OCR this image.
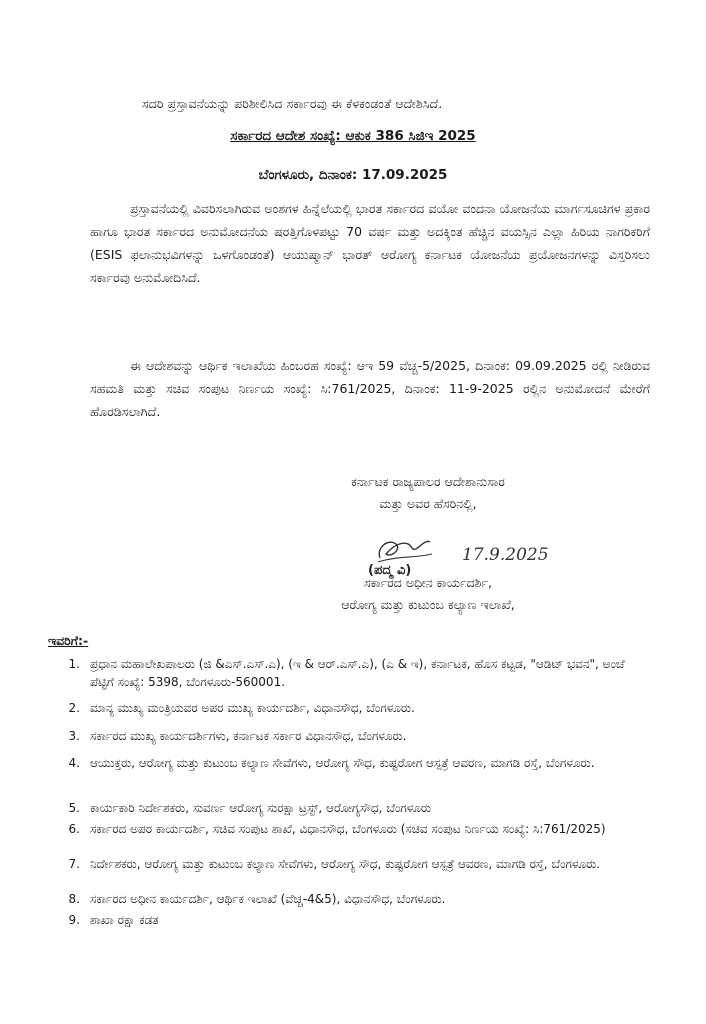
ಸದರಿ ಪ್ರಸ್ತಾವನೆಯನ್ನು ಪರಿಶೀಲಿಸಿದ ಸರ್ಕಾರವು ಈ ಕೆಳಕಂಡಂತೆ ಆದೇಶಿಸಿದೆ.
ಸರ್ಕಾರದ ಆದೇಶ ಸಂಖ್ಯೆ: ಆಕುಕ 386 ಸಿಜಿಇ 2025
ಬೆಂಗಳೂರು, ದಿನಾಂಕ: 17.09.2025
ಪ್ರಸ್ತಾವನೆಯಲ್ಲಿ ವಿವರಿಸಲಾಗಿರುವ ಅಂಶಗಳ ಹಿನ್ನೆಲೆಯಲ್ಲಿ ಭಾರತ ಸರ್ಕಾರದ ವಯೋ ವಂದನಾ ಯೋಜನೆಯ ಮಾರ್ಗಸೂಚಿಗಳ ಪ್ರಕಾರ ಹಾಗೂ ಭಾರತ ಸರ್ಕಾರದ ಅನುಮೋದನೆಯ ಷರತ್ತಿಗೊಳಪಟ್ಟು 70 ವರ್ಷ ಮತ್ತು ಅದಕ್ಕಿಂತ ಹೆಚ್ಚಿನ ವಯಸ್ಸಿನ ಎಲ್ಲಾ ಹಿರಿಯ ನಾಗರಿಕರಿಗೆ (ESIS ಫಲಾನುಭವಿಗಳನ್ನು ಒಳಗೊಂಡಂತೆ) ಆಯುಷ್ಮಾನ್ ಭಾರತ್ ಆರೋಗ್ಯ ಕರ್ನಾಟಕ ಯೋಜನೆಯ ಪ್ರಯೋಜನಗಳನ್ನು ವಿಸ್ತರಿಸಲು ಸರ್ಕಾರವು ಅನುಮೋದಿಸಿದೆ.
ಈ ಆದೇಶವನ್ನು ಆರ್ಥಿಕ ಇಲಾಖೆಯ ಹಿಂಬರಹ ಸಂಖ್ಯೆ: ಆಇ 59 ವೆಚ್ಚ-5/2025, ದಿನಾಂಕ: 09.09.2025 ರಲ್ಲಿ ನೀಡಿರುವ ಸಹಮತಿ ಮತ್ತು ಸಚಿವ ಸಂಪುಟ ನಿರ್ಣಯ ಸಂಖ್ಯೆ: ಸಿ:761/2025, ದಿನಾಂಕ: 11-9-2025 ರಲ್ಲಿನ ಅನುಮೋದನೆ ಮೇರೆಗೆ ಹೊರಡಿಸಲಾಗಿದೆ.
ಕರ್ನಾಟಕ ರಾಜ್ಯಪಾಲರ ಆದೇಶಾನುಸಾರ
ಮತ್ತು ಅವರ ಹೆಸರಿನಲ್ಲಿ,
(ಪದ್ಮ ವಿ)
17.9.2025
ಸರ್ಕಾರದ ಅಧೀನ ಕಾರ್ಯದರ್ಶಿ,
ಆರೋಗ್ಯ ಮತ್ತು ಕುಟುಂಬ ಕಲ್ಯಾಣ ಇಲಾಖೆ,
ಇವರಿಗೆ:-
1. ಪ್ರಧಾನ ಮಹಾಲೇಖಪಾಲರು (ಜಿ &ಎಸ್.ಎಸ್.ಎ), (ಇ & ಆರ್.ಎಸ್.ಎ), (ಎ & ಇ), ಕರ್ನಾಟಕ, ಹೊಸ ಕಟ್ಟಡ, "ಆಡಿಟ್ ಭವನ", ಅಂಚೆ ಪೆಟ್ಟಿಗೆ ಸಂಖ್ಯೆ: 5398, ಬೆಂಗಳೂರು-560001.
2. ಮಾನ್ಯ ಮುಖ್ಯ ಮಂತ್ರಿಯವರ ಅಪರ ಮುಖ್ಯ ಕಾರ್ಯದರ್ಶಿ, ವಿಧಾನಸೌಧ, ಬೆಂಗಳೂರು.
3. ಸರ್ಕಾರದ ಮುಖ್ಯ ಕಾರ್ಯದರ್ಶಿಗಳು, ಕರ್ನಾಟಕ ಸರ್ಕಾರ ವಿಧಾನಸೌಧ, ಬೆಂಗಳೂರು.
4. ಆಯುಕ್ತರು, ಆರೋಗ್ಯ ಮತ್ತು ಕುಟುಂಬ ಕಲ್ಯಾಣ ಸೇವೆಗಳು, ಆರೋಗ್ಯ ಸೌಧ, ಕುಷ್ಟರೋಗ ಆಸ್ಪತ್ರೆ ಆವರಣ, ಮಾಗಡಿ ರಸ್ತೆ, ಬೆಂಗಳೂರು.
5. ಕಾರ್ಯಕಾರಿ ನಿರ್ದೇಶಕರು, ಸುವರ್ಣ ಆರೋಗ್ಯ ಸುರಕ್ಷಾ ಟ್ರಸ್ಟ್, ಆರೋಗ್ಯಸೌಧ, ಬೆಂಗಳೂರು
6. ಸರ್ಕಾರದ ಅಪರ ಕಾರ್ಯದರ್ಶಿ, ಸಚಿವ ಸಂಪುಟ ಶಾಖೆ, ವಿಧಾನಸೌಧ, ಬೆಂಗಳೂರು (ಸಚಿವ ಸಂಪುಟ ನಿರ್ಣಯ ಸಂಖ್ಯೆ: ಸಿ:761/2025)
7. ನಿರ್ದೇಶಕರು, ಆರೋಗ್ಯ ಮತ್ತು ಕುಟುಂಬ ಕಲ್ಯಾಣ ಸೇವೆಗಳು, ಆರೋಗ್ಯ ಸೌಧ, ಕುಷ್ಟರೋಗ ಆಸ್ಪತ್ರೆ ಆವರಣ, ಮಾಗಡಿ ರಸ್ತೆ, ಬೆಂಗಳೂರು.
8. ಸರ್ಕಾರದ ಅಧೀನ ಕಾರ್ಯದರ್ಶಿ, ಆರ್ಥಿಕ ಇಲಾಖೆ (ವೆಚ್ಚ-4&5), ವಿಧಾನಸೌಧ, ಬೆಂಗಳೂರು.
9. ಶಾಖಾ ರಕ್ಷಾ ಕಡತ
